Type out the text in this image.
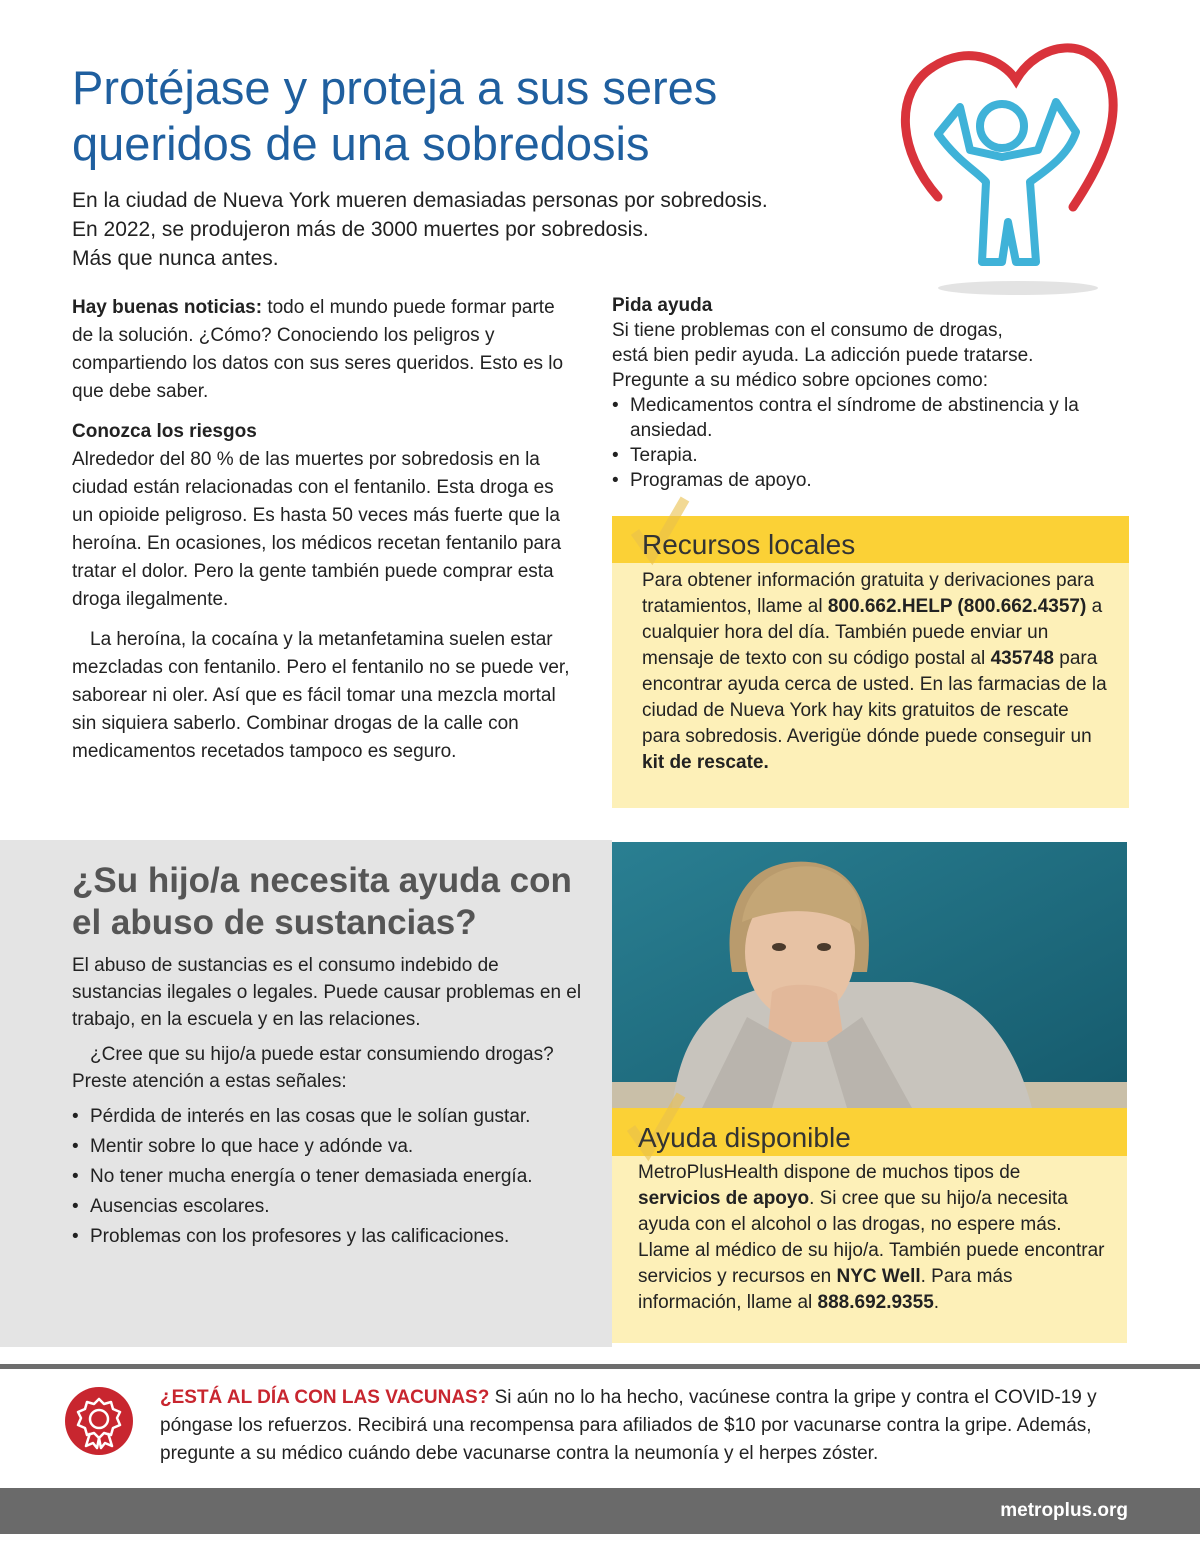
Protéjase y proteja a sus seres
queridos de una sobredosis
En la ciudad de Nueva York mueren demasiadas personas por sobredosis.
En 2022, se produjeron más de 3000 muertes por sobredosis.
Más que nunca antes.

Hay buenas noticias: todo el mundo puede formar parte de la solución. ¿Cómo? Conociendo los peligros y compartiendo los datos con sus seres queridos. Esto es lo que debe saber.

Conozca los riesgos

Alrededor del 80 % de las muertes por sobredosis en la ciudad están relacionadas con el fentanilo. Esta droga es un opioide peligroso. Es hasta 50 veces más fuerte que la heroína. En ocasiones, los médicos recetan fentanilo para tratar el dolor. Pero la gente también puede comprar esta droga ilegalmente.

La heroína, la cocaína y la metanfetamina suelen estar mezcladas con fentanilo. Pero el fentanilo no se puede ver, saborear ni oler. Así que es fácil tomar una mezcla mortal sin siquiera saberlo. Combinar drogas de la calle con medicamentos recetados tampoco es seguro.

Pida ayuda
Si tiene problemas con el consumo de drogas,
está bien pedir ayuda. La adicción puede tratarse.
Pregunte a su médico sobre opciones como:
• Medicamentos contra el síndrome de abstinencia y la ansiedad.
• Terapia.
• Programas de apoyo.
Recursos locales
Para obtener información gratuita y derivaciones para tratamientos, llame al 800.662.HELP (800.662.4357) a cualquier hora del día. También puede enviar un mensaje de texto con su código postal al 435748 para encontrar ayuda cerca de usted. En las farmacias de la ciudad de Nueva York hay kits gratuitos de rescate para sobredosis. Averigüe dónde puede conseguir un kit de rescate.
¿Su hijo/a necesita ayuda con el abuso de sustancias?

El abuso de sustancias es el consumo indebido de sustancias ilegales o legales. Puede causar problemas en el trabajo, en la escuela y en las relaciones.

¿Cree que su hijo/a puede estar consumiendo drogas? Preste atención a estas señales:

• Pérdida de interés en las cosas que le solían gustar.
• Mentir sobre lo que hace y adónde va.
• No tener mucha energía o tener demasiada energía.
• Ausencias escolares.
• Problemas con los profesores y las calificaciones.
Ayuda disponible
MetroPlusHealth dispone de muchos tipos de servicios de apoyo. Si cree que su hijo/a necesita ayuda con el alcohol o las drogas, no espere más. Llame al médico de su hijo/a. También puede encontrar servicios y recursos en NYC Well. Para más información, llame al 888.692.9355.
¿ESTÁ AL DÍA CON LAS VACUNAS? Si aún no lo ha hecho, vacúnese contra la gripe y contra el COVID-19 y póngase los refuerzos. Recibirá una recompensa para afiliados de $10 por vacunarse contra la gripe. Además, pregunte a su médico cuándo debe vacunarse contra la neumonía y el herpes zóster.
metroplus.org
